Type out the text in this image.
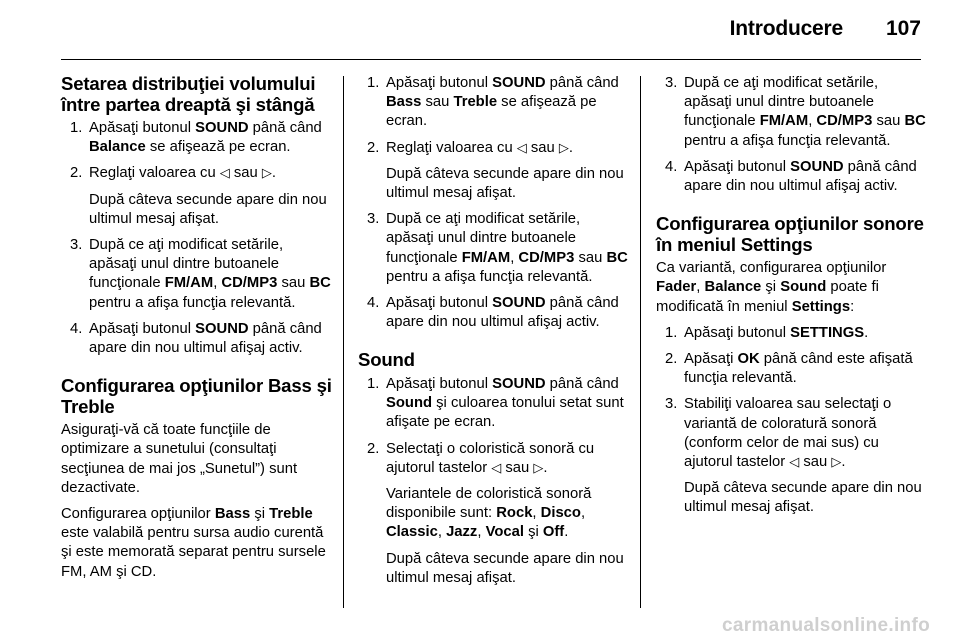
Introducere 107
Setarea distribuţiei volumului între partea dreaptă şi stângă
1. Apăsaţi butonul SOUND până când Balance se afişează pe ecran.
2. Reglaţi valoarea cu ◁ sau ▷.

După câteva secunde apare din nou ultimul mesaj afişat.

3. După ce aţi modificat setările, apăsaţi unul dintre butoanele funcţionale FM/AM, CD/MP3 sau BC pentru a afişa funcţia relevantă.
4. Apăsaţi butonul SOUND până când apare din nou ultimul afişaj activ.
Configurarea opţiunilor Bass şi Treble

Asiguraţi-vă că toate funcţiile de optimizare a sunetului (consultaţi secţiunea de mai jos „Sunetul”) sunt dezactivate.

Configurarea opţiunilor Bass şi Treble este valabilă pentru sursa audio curentă şi este memorată separat pentru sursele FM, AM şi CD.

1. Apăsaţi butonul SOUND până când Bass sau Treble se afişează pe ecran.
2. Reglaţi valoarea cu ◁ sau ▷.

După câteva secunde apare din nou ultimul mesaj afişat.

3. După ce aţi modificat setările, apăsaţi unul dintre butoanele funcţionale FM/AM, CD/MP3 sau BC pentru a afişa funcţia relevantă.
4. Apăsaţi butonul SOUND până când apare din nou ultimul afişaj activ.
Sound
1. Apăsaţi butonul SOUND până când Sound şi culoarea tonului setat sunt afişate pe ecran.
2. Selectaţi o coloristică sonoră cu ajutorul tastelor ◁ sau ▷.

Variantele de coloristică sonoră disponibile sunt: Rock, Disco, Classic, Jazz, Vocal şi Off.

După câteva secunde apare din nou ultimul mesaj afişat.

3. După ce aţi modificat setările, apăsaţi unul dintre butoanele funcţionale FM/AM, CD/MP3 sau BC pentru a afişa funcţia relevantă.
4. Apăsaţi butonul SOUND până când apare din nou ultimul afişaj activ.
Configurarea opţiunilor sonore în meniul Settings

Ca variantă, configurarea opţiunilor Fader, Balance şi Sound poate fi modificată în meniul Settings:

1. Apăsaţi butonul SETTINGS.
2. Apăsaţi OK până când este afişată funcţia relevantă.
3. Stabiliţi valoarea sau selectaţi o variantă de coloratură sonoră (conform celor de mai sus) cu ajutorul tastelor ◁ sau ▷.

După câteva secunde apare din nou ultimul mesaj afişat.

carmanualsonline.info
